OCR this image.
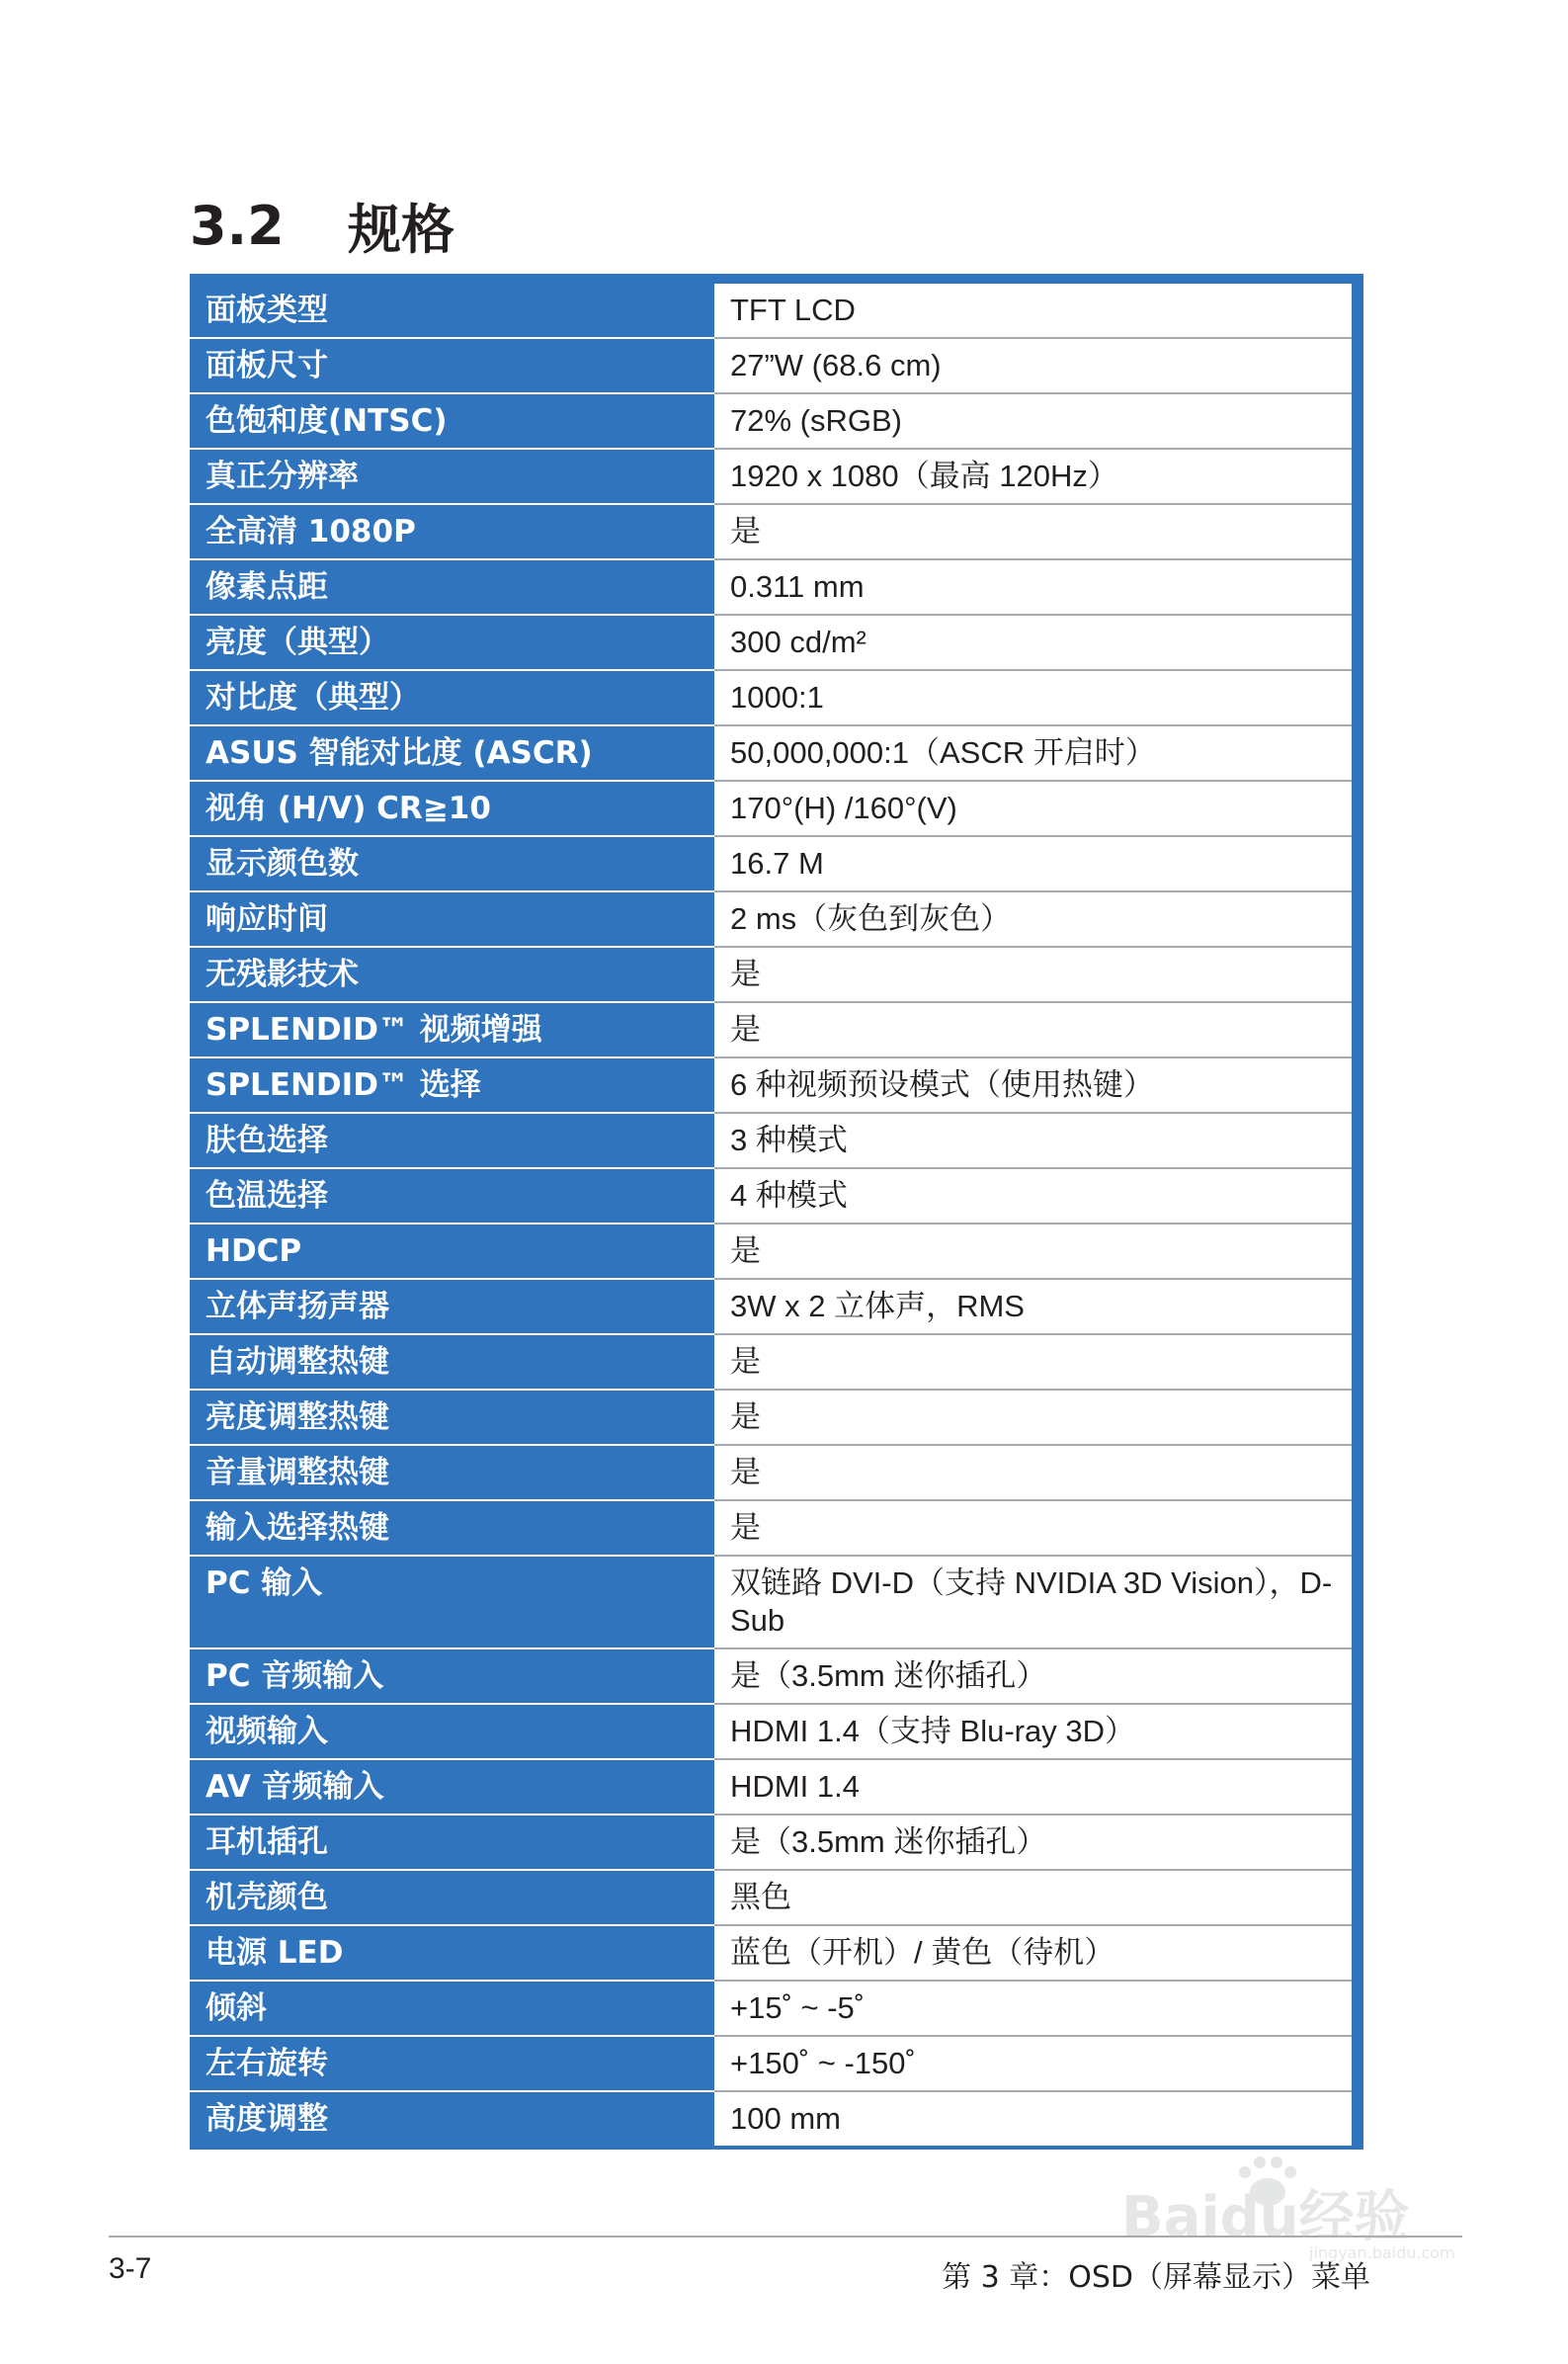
3.2	规格
面板类型	TFT LCD
面板尺寸	27”W (68.6 cm)
色饱和度(NTSC)	72% (sRGB)
真正分辨率	1920 x 1080（最高 120Hz）
全高清 1080P	是
像素点距	0.311 mm
亮度（典型）	300 cd/m²
对比度（典型）	1000:1
ASUS 智能对比度 (ASCR)	50,000,000:1（ASCR 开启时）
视角 (H/V) CR≧10	170°(H) /160°(V)
显示颜色数	16.7 M
响应时间	2 ms（灰色到灰色）
无残影技术	是
SPLENDID™ 视频增强	是
SPLENDID™ 选择	6 种视频预设模式（使用热键）
肤色选择	3 种模式
色温选择	4 种模式
HDCP	是
立体声扬声器	3W x 2 立体声，RMS
自动调整热键	是
亮度调整热键	是
音量调整热键	是
输入选择热键	是
PC 输入	双链路 DVI-D（支持 NVIDIA 3D Vision），D-Sub
PC 音频输入	是（3.5mm 迷你插孔）
视频输入	HDMI 1.4（支持 Blu-ray 3D）
AV 音频输入	HDMI 1.4
耳机插孔	是（3.5mm 迷你插孔）
机壳颜色	黑色
电源 LED	蓝色（开机）/ 黄色（待机）
倾斜	+15˚ ~ -5˚
左右旋转	+150˚ ~ -150˚
高度调整	100 mm
3-7	第 3 章：OSD（屏幕显示）菜单
Baidu经验
jingyan.baidu.com
